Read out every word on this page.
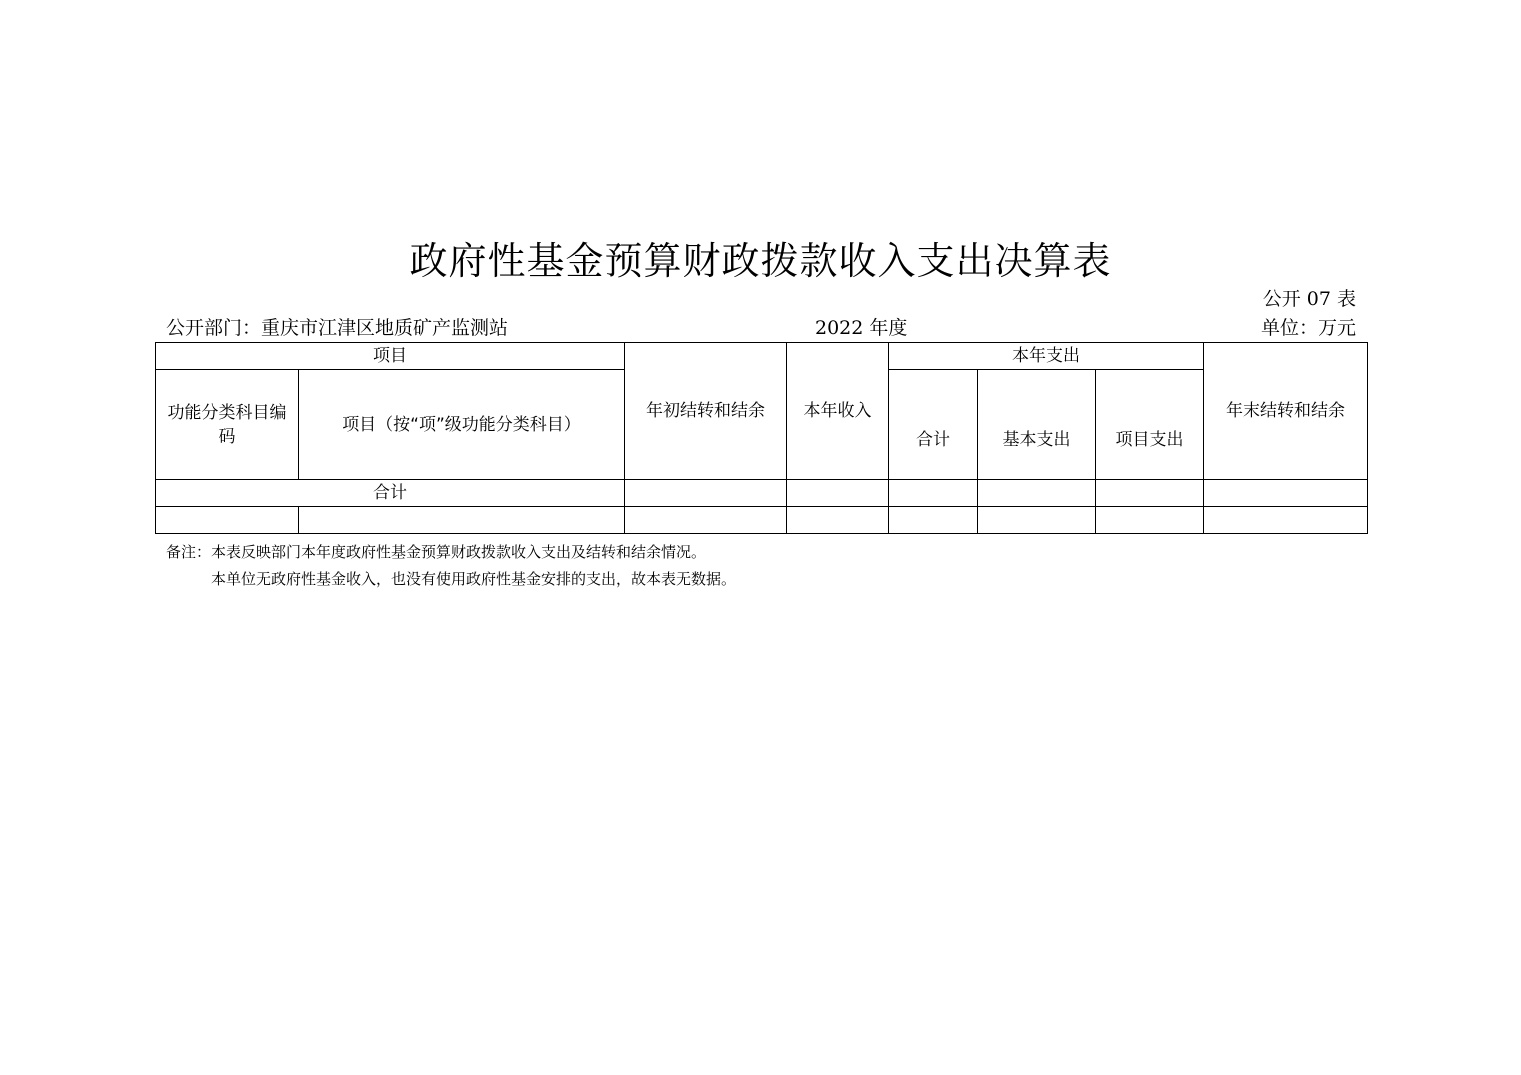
政府性基金预算财政拨款收入支出决算表
公开 07 表
公开部门：重庆市江津区地质矿产监测站	2022 年度	单位：万元
项目		年初结转和结余	本年收入	本年支出			年末结转和结余
功能分类科目编码	项目（按“项”级功能分类科目）			合计	基本支出	项目支出	
合计							

备注：本表反映部门本年度政府性基金预算财政拨款收入支出及结转和结余情况。
本单位无政府性基金收入，也没有使用政府性基金安排的支出，故本表无数据。
